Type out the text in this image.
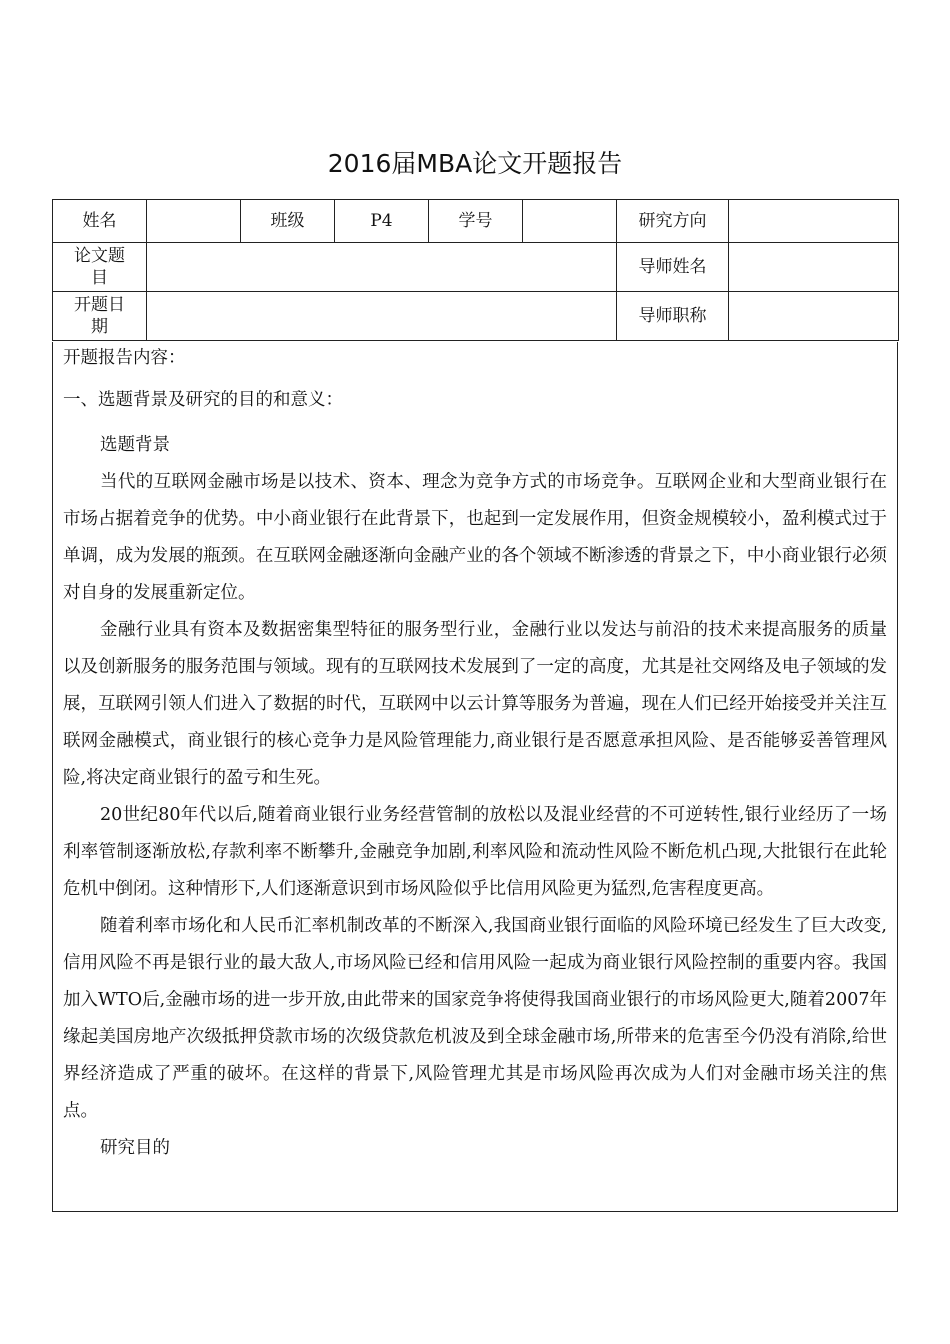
2016届MBA论文开题报告
姓名		班级	P4	学号		研究方向	

论文题目						导师姓名	

开题日期						导师职称	

开题报告内容：

一、选题背景及研究的目的和意义：

选题背景

当代的互联网金融市场是以技术、资本、理念为竞争方式的市场竞争。互联网企业和大型商业银行在市场占据着竞争的优势。中小商业银行在此背景下，也起到一定发展作用，但资金规模较小，盈利模式过于单调，成为发展的瓶颈。在互联网金融逐渐向金融产业的各个领域不断渗透的背景之下，中小商业银行必须对自身的发展重新定位。

金融行业具有资本及数据密集型特征的服务型行业，金融行业以发达与前沿的技术来提高服务的质量以及创新服务的服务范围与领域。现有的互联网技术发展到了一定的高度，尤其是社交网络及电子领域的发展，互联网引领人们进入了数据的时代，互联网中以云计算等服务为普遍，现在人们已经开始接受并关注互联网金融模式，商业银行的核心竞争力是风险管理能力,商业银行是否愿意承担风险、是否能够妥善管理风险,将决定商业银行的盈亏和生死。

20世纪80年代以后,随着商业银行业务经营管制的放松以及混业经营的不可逆转性,银行业经历了一场利率管制逐渐放松,存款利率不断攀升,金融竞争加剧,利率风险和流动性风险不断危机凸现,大批银行在此轮危机中倒闭。这种情形下,人们逐渐意识到市场风险似乎比信用风险更为猛烈,危害程度更高。

随着利率市场化和人民币汇率机制改革的不断深入,我国商业银行面临的风险环境已经发生了巨大改变,信用风险不再是银行业的最大敌人,市场风险已经和信用风险一起成为商业银行风险控制的重要内容。我国加入WTO后,金融市场的进一步开放,由此带来的国家竞争将使得我国商业银行的市场风险更大,随着2007年缘起美国房地产次级抵押贷款市场的次级贷款危机波及到全球金融市场,所带来的危害至今仍没有消除,给世界经济造成了严重的破坏。在这样的背景下,风险管理尤其是市场风险再次成为人们对金融市场关注的焦点。

研究目的
